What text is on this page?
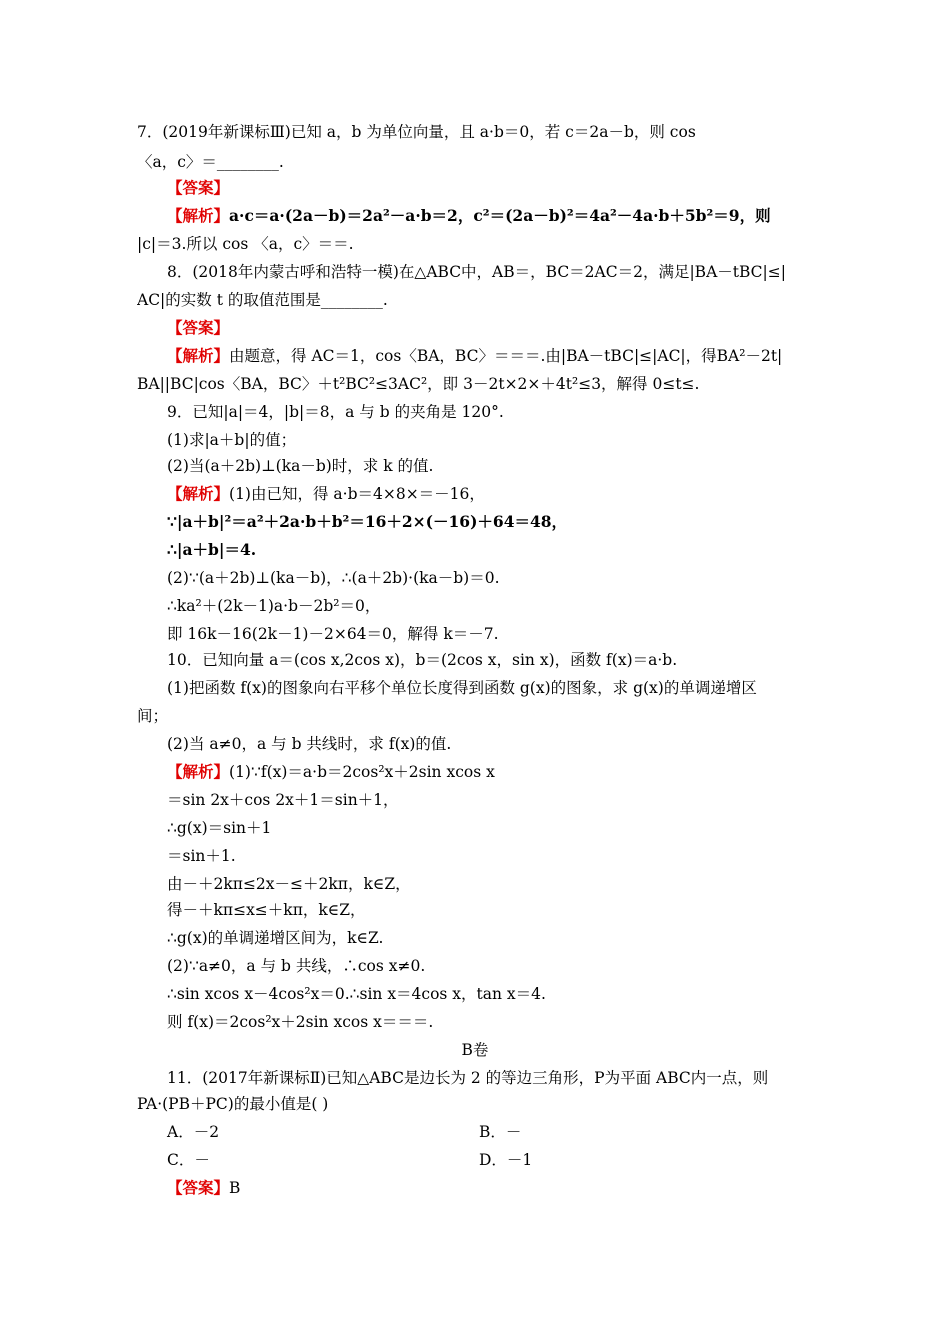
7．(2019年新课标Ⅲ)已知 a，b 为单位向量，且 a·b＝0，若 c＝2a－b，则 cos
〈a，c〉＝________.
【答案】
【解析】a·c＝a·(2a－b)＝2a²－a·b＝2，c²＝(2a－b)²＝4a²－4a·b＋5b²＝9，则
|c|＝3.所以 cos 〈a，c〉＝＝.
8．(2018年内蒙古呼和浩特一模)在△ABC中，AB＝，BC＝2AC＝2，满足|BA－tBC|≤|
AC|的实数 t 的取值范围是________.
【答案】
【解析】由题意，得 AC＝1，cos〈BA，BC〉＝＝＝.由|BA－tBC|≤|AC|，得BA²－2t|
BA||BC|cos〈BA，BC〉＋t²BC²≤3AC²，即 3－2t×2×＋4t²≤3，解得 0≤t≤.
9．已知|a|＝4，|b|＝8，a 与 b 的夹角是 120°.
(1)求|a＋b|的值；
(2)当(a＋2b)⊥(ka－b)时，求 k 的值.
【解析】(1)由已知，得 a·b＝4×8×＝－16，
∵|a＋b|²＝a²＋2a·b＋b²＝16＋2×(－16)＋64＝48，
∴|a＋b|＝4.
(2)∵(a＋2b)⊥(ka－b)，∴(a＋2b)·(ka－b)＝0.
∴ka²＋(2k－1)a·b－2b²＝0，
即 16k－16(2k－1)－2×64＝0，解得 k＝－7.
10．已知向量 a＝(cos x,2cos x)，b＝(2cos x，sin x)，函数 f(x)＝a·b.
(1)把函数 f(x)的图象向右平移个单位长度得到函数 g(x)的图象，求 g(x)的单调递增区
间；
(2)当 a≠0，a 与 b 共线时，求 f(x)的值.
【解析】(1)∵f(x)＝a·b＝2cos²x＋2sin xcos x
＝sin 2x＋cos 2x＋1＝sin＋1，
∴g(x)＝sin＋1
＝sin＋1.
由－＋2kπ≤2x－≤＋2kπ，k∈Z，
得－＋kπ≤x≤＋kπ，k∈Z，
∴g(x)的单调递增区间为，k∈Z.
(2)∵a≠0，a 与 b 共线，∴cos x≠0.
∴sin xcos x－4cos²x＝0.∴sin x＝4cos x，tan x＝4.
则 f(x)＝2cos²x＋2sin xcos x＝＝＝.
B卷
11．(2017年新课标Ⅱ)已知△ABC是边长为 2 的等边三角形，P为平面 ABC内一点，则
PA·(PB＋PC)的最小值是( )
A．－2	B．－
C．－	D．－1
【答案】B
